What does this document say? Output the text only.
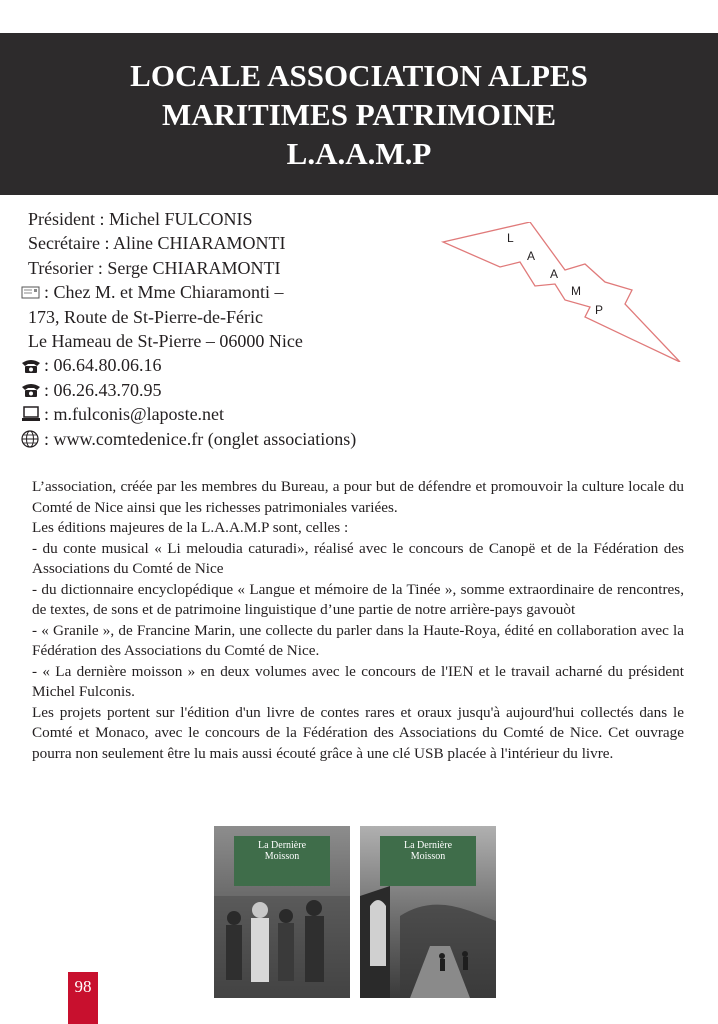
LOCALE ASSOCIATION ALPES
MARITIMES PATRIMOINE
L.A.A.M.P
Président : Michel FULCONIS
Secrétaire : Aline CHIARAMONTI
Trésorier : Serge CHIARAMONTI
: Chez M. et Mme Chiaramonti –
173, Route de St-Pierre-de-Féric
Le Hameau de St-Pierre – 06000 Nice
: 06.64.80.06.16
: 06.26.43.70.95
: m.fulconis@laposte.net
: www.comtedenice.fr (onglet associations)
L
A
A
M
P

L’association, créée par les membres du Bureau, a pour but de défendre et promouvoir la culture locale du Comté de Nice ainsi que les richesses patrimoniales variées.

Les éditions majeures de la L.A.A.M.P sont, celles :

- du conte musical « Li meloudia caturadi», réalisé avec le concours de Canopë et de la Fédération des Associations du Comté de Nice

- du dictionnaire encyclopédique « Langue et mémoire de la Tinée », somme extraordinaire de rencontres, de textes, de sons et de patrimoine linguistique d’une partie de notre arrière-pays gavouòt

- « Granile », de Francine Marin, une collecte du parler dans la Haute-Roya, édité en collaboration avec la Fédération des Associations du Comté de Nice.

- « La dernière moisson » en deux volumes avec le concours de l'IEN et le travail acharné du président Michel Fulconis.

Les projets portent sur l'édition d'un livre de contes rares et oraux jusqu'à aujourd'hui collectés dans le Comté et Monaco, avec le concours de la Fédération des Associations du Comté de Nice. Cet ouvrage pourra non seulement être lu mais aussi écouté grâce à une clé USB placée à l'intérieur du livre.

La Dernière
Moisson
La Dernière
Moisson
98
